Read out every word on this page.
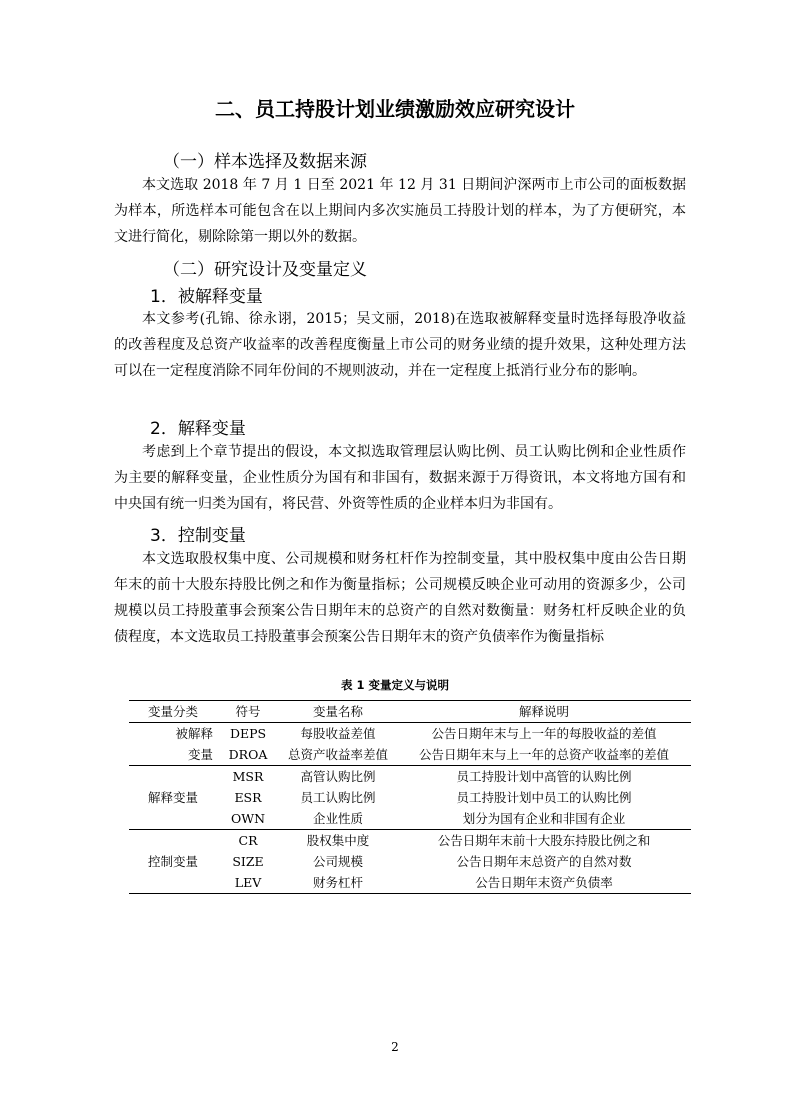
二、员工持股计划业绩激励效应研究设计
（一）样本选择及数据来源
本文选取 2018 年 7 月 1 日至 2021 年 12 月 31 日期间沪深两市上市公司的面板数据为样本，所选样本可能包含在以上期间内多次实施员工持股计划的样本，为了方便研究，本文进行简化，剔除除第一期以外的数据。
（二）研究设计及变量定义
1．被解释变量
本文参考(孔锦、徐永诩，2015；吴文丽，2018)在选取被解释变量时选择每股净收益的改善程度及总资产收益率的改善程度衡量上市公司的财务业绩的提升效果，这种处理方法可以在一定程度消除不同年份间的不规则波动，并在一定程度上抵消行业分布的影响。
2．解释变量
考虑到上个章节提出的假设，本文拟选取管理层认购比例、员工认购比例和企业性质作为主要的解释变量，企业性质分为国有和非国有，数据来源于万得资讯，本文将地方国有和中央国有统一归类为国有，将民营、外资等性质的企业样本归为非国有。
3．控制变量
本文选取股权集中度、公司规模和财务杠杆作为控制变量，其中股权集中度由公告日期年末的前十大股东持股比例之和作为衡量指标；公司规模反映企业可动用的资源多少，公司规模以员工持股董事会预案公告日期年末的总资产的自然对数衡量：财务杠杆反映企业的负债程度，本文选取员工持股董事会预案公告日期年末的资产负债率作为衡量指标
表 1 变量定义与说明
变量分类	符号	变量名称	解释说明
被解释	DEPS	每股收益差值	公告日期年末与上一年的每股收益的差值
变量	DROA	总资产收益率差值	公告日期年末与上一年的总资产收益率的差值
解释变量	MSR	高管认购比例	员工持股计划中高管的认购比例
	ESR	员工认购比例	员工持股计划中员工的认购比例
	OWN	企业性质	划分为国有企业和非国有企业
控制变量	CR	股权集中度	公告日期年末前十大股东持股比例之和
	SIZE	公司规模	公告日期年末总资产的自然对数
	LEV	财务杠杆	公告日期年末资产负债率
2
